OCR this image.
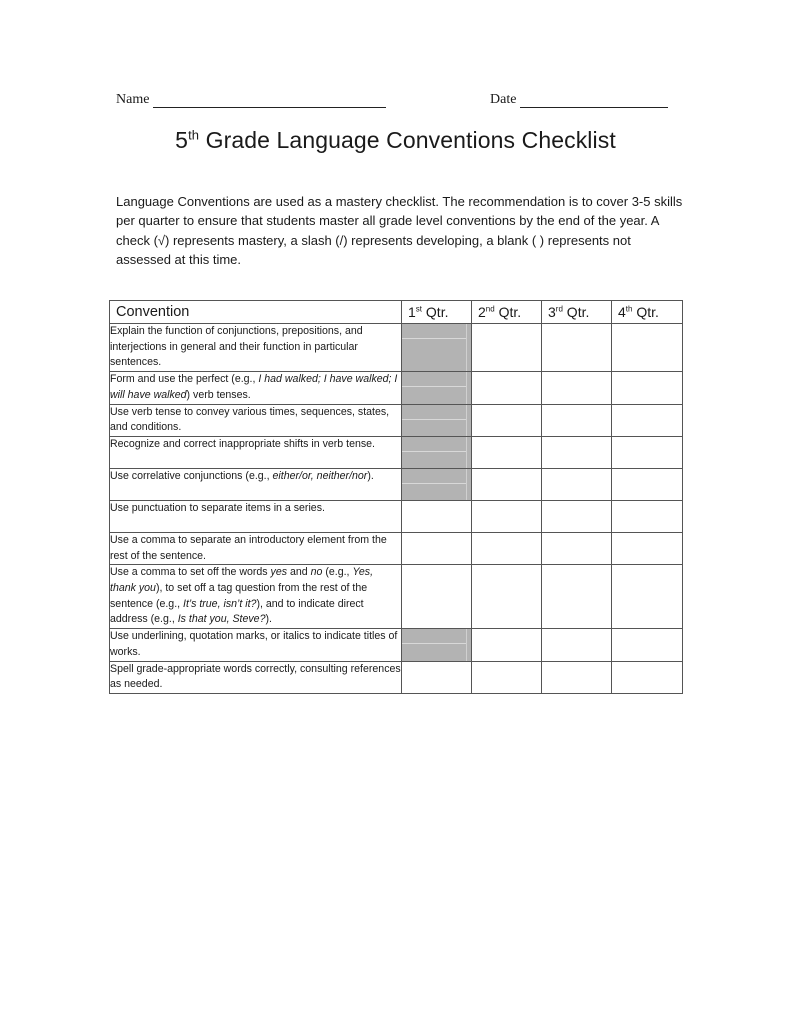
Name	Date
5th Grade Language Conventions Checklist
Language Conventions are used as a mastery checklist. The recommendation is to cover 3-5 skills per quarter to ensure that students master all grade level conventions by the end of the year. A check (√) represents mastery, a slash (/) represents developing, a blank ( ) represents not assessed at this time.
Convention	1st Qtr.	2nd Qtr.	3rd Qtr.	4th Qtr.
Explain the function of conjunctions, prepositions, and interjections in general and their function in particular sentences.				
Form and use the perfect (e.g., I had walked; I have walked; I will have walked) verb tenses.				
Use verb tense to convey various times, sequences, states, and conditions.				
Recognize and correct inappropriate shifts in verb tense.				
Use correlative conjunctions (e.g., either/or, neither/nor).				
Use punctuation to separate items in a series.				
Use a comma to separate an introductory element from the rest of the sentence.				
Use a comma to set off the words yes and no (e.g., Yes, thank you), to set off a tag question from the rest of the sentence (e.g., It’s true, isn’t it?), and to indicate direct address (e.g., Is that you, Steve?).				
Use underlining, quotation marks, or italics to indicate titles of works.				
Spell grade-appropriate words correctly, consulting references as needed.				
